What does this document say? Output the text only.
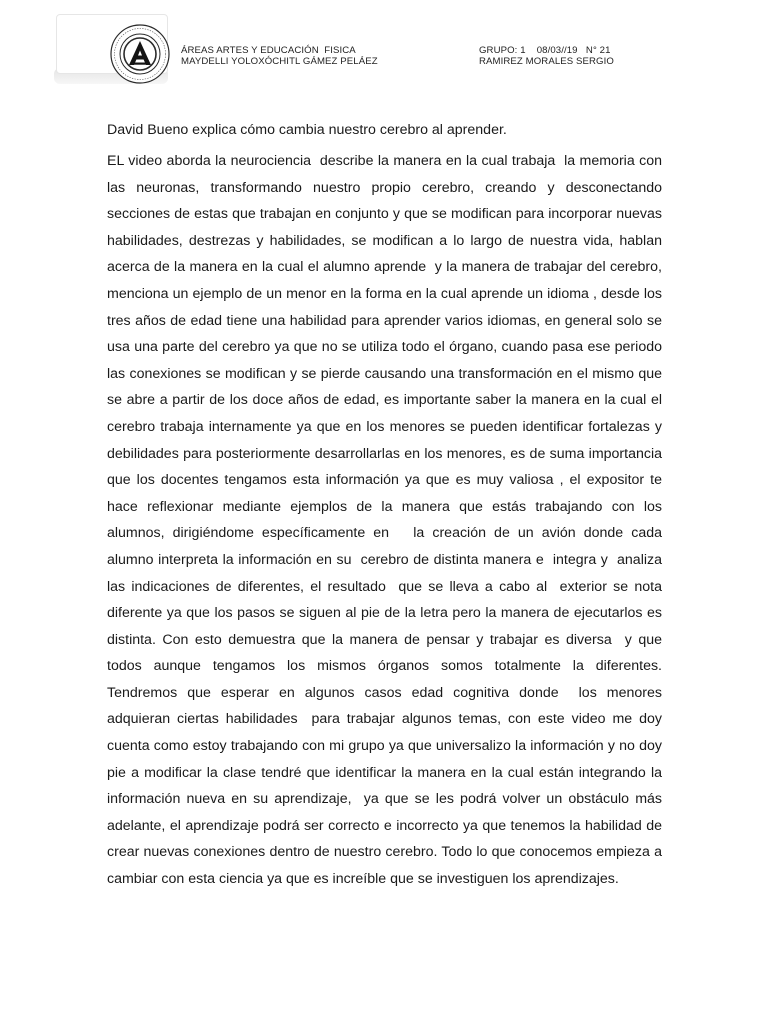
ÁREAS ARTES Y EDUCACIÓN  FISICA
MAYDELLI YOLOXÓCHITL GÁMEZ PELÁEZ
GRUPO: 1    08/03//19   N° 21
RAMIREZ MORALES SERGIO
David Bueno explica cómo cambia nuestro cerebro al aprender.

EL video aborda la neurociencia  describe la manera en la cual trabaja  la memoria con las neuronas, transformando nuestro propio cerebro, creando y desconectando secciones de estas que trabajan en conjunto y que se modifican para incorporar nuevas habilidades, destrezas y habilidades, se modifican a lo largo de nuestra vida, hablan acerca de la manera en la cual el alumno aprende  y la manera de trabajar del cerebro, menciona un ejemplo de un menor en la forma en la cual aprende un idioma , desde los tres años de edad tiene una habilidad para aprender varios idiomas, en general solo se usa una parte del cerebro ya que no se utiliza todo el órgano, cuando pasa ese periodo las conexiones se modifican y se pierde causando una transformación en el mismo que se abre a partir de los doce años de edad, es importante saber la manera en la cual el cerebro trabaja internamente ya que en los menores se pueden identificar fortalezas y debilidades para posteriormente desarrollarlas en los menores, es de suma importancia que los docentes tengamos esta información ya que es muy valiosa , el expositor te hace reflexionar mediante ejemplos de la manera que estás trabajando con los alumnos, dirigiéndome específicamente en   la creación de un avión donde cada alumno interpreta la información en su  cerebro de distinta manera e  integra y  analiza las indicaciones de diferentes, el resultado  que se lleva a cabo al  exterior se nota diferente ya que los pasos se siguen al pie de la letra pero la manera de ejecutarlos es distinta. Con esto demuestra que la manera de pensar y trabajar es diversa  y que todos aunque tengamos los mismos órganos somos totalmente la diferentes. Tendremos que esperar en algunos casos edad cognitiva donde  los menores adquieran ciertas habilidades  para trabajar algunos temas, con este video me doy cuenta como estoy trabajando con mi grupo ya que universalizo la información y no doy pie a modificar la clase tendré que identificar la manera en la cual están integrando la información nueva en su aprendizaje,  ya que se les podrá volver un obstáculo más adelante, el aprendizaje podrá ser correcto e incorrecto ya que tenemos la habilidad de crear nuevas conexiones dentro de nuestro cerebro. Todo lo que conocemos empieza a cambiar con esta ciencia ya que es increíble que se investiguen los aprendizajes.
